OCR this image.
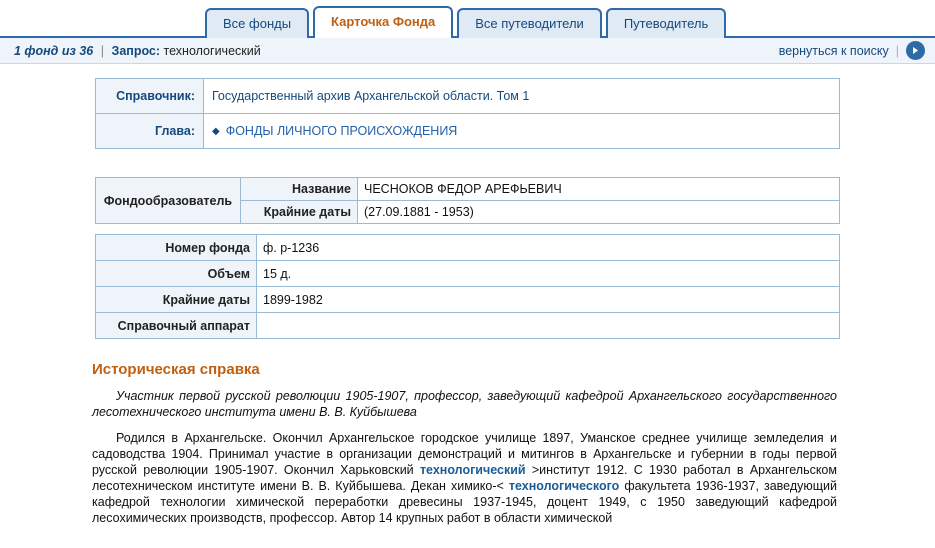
Все фонды	Карточка Фонда	Все путеводители	Путеводитель
1 фонд из 36 | Запрос: технологический	вернуться к поиску |
Справочник:	Государственный архив Архангельской области. Том 1
Глава:	◆ ФОНДЫ ЛИЧНОГО ПРОИСХОЖДЕНИЯ
Фондообразователь	Название	ЧЕСНОКОВ ФЕДОР АРЕФЬЕВИЧ
	Крайние даты	(27.09.1881 - 1953)
Номер фонда	ф. р-1236
Объем	15 д.
Крайние даты	1899-1982
Справочный аппарат	
Историческая справка
Участник первой русской революции 1905-1907, профессор, заведующий кафедрой Архангельского государственного лесотехнического института имени В. В. Куйбышева
Родился в Архангельске. Окончил Архангельское городское училище 1897, Уманское среднее училище земледелия и садоводства 1904. Принимал участие в организации демонстраций и митингов в Архангельске и губернии в годы первой русской революции 1905-1907. Окончил Харьковский технологический >институт 1912. С 1930 работал в Архангельском лесотехническом институте имени В. В. Куйбышева. Декан химико-< технологического факультета 1936-1937, заведующий кафедрой технологии химической переработки древесины 1937-1945, доцент 1949, с 1950 заведующий кафедрой лесохимических производств, профессор. Автор 14 крупных работ в области химической
